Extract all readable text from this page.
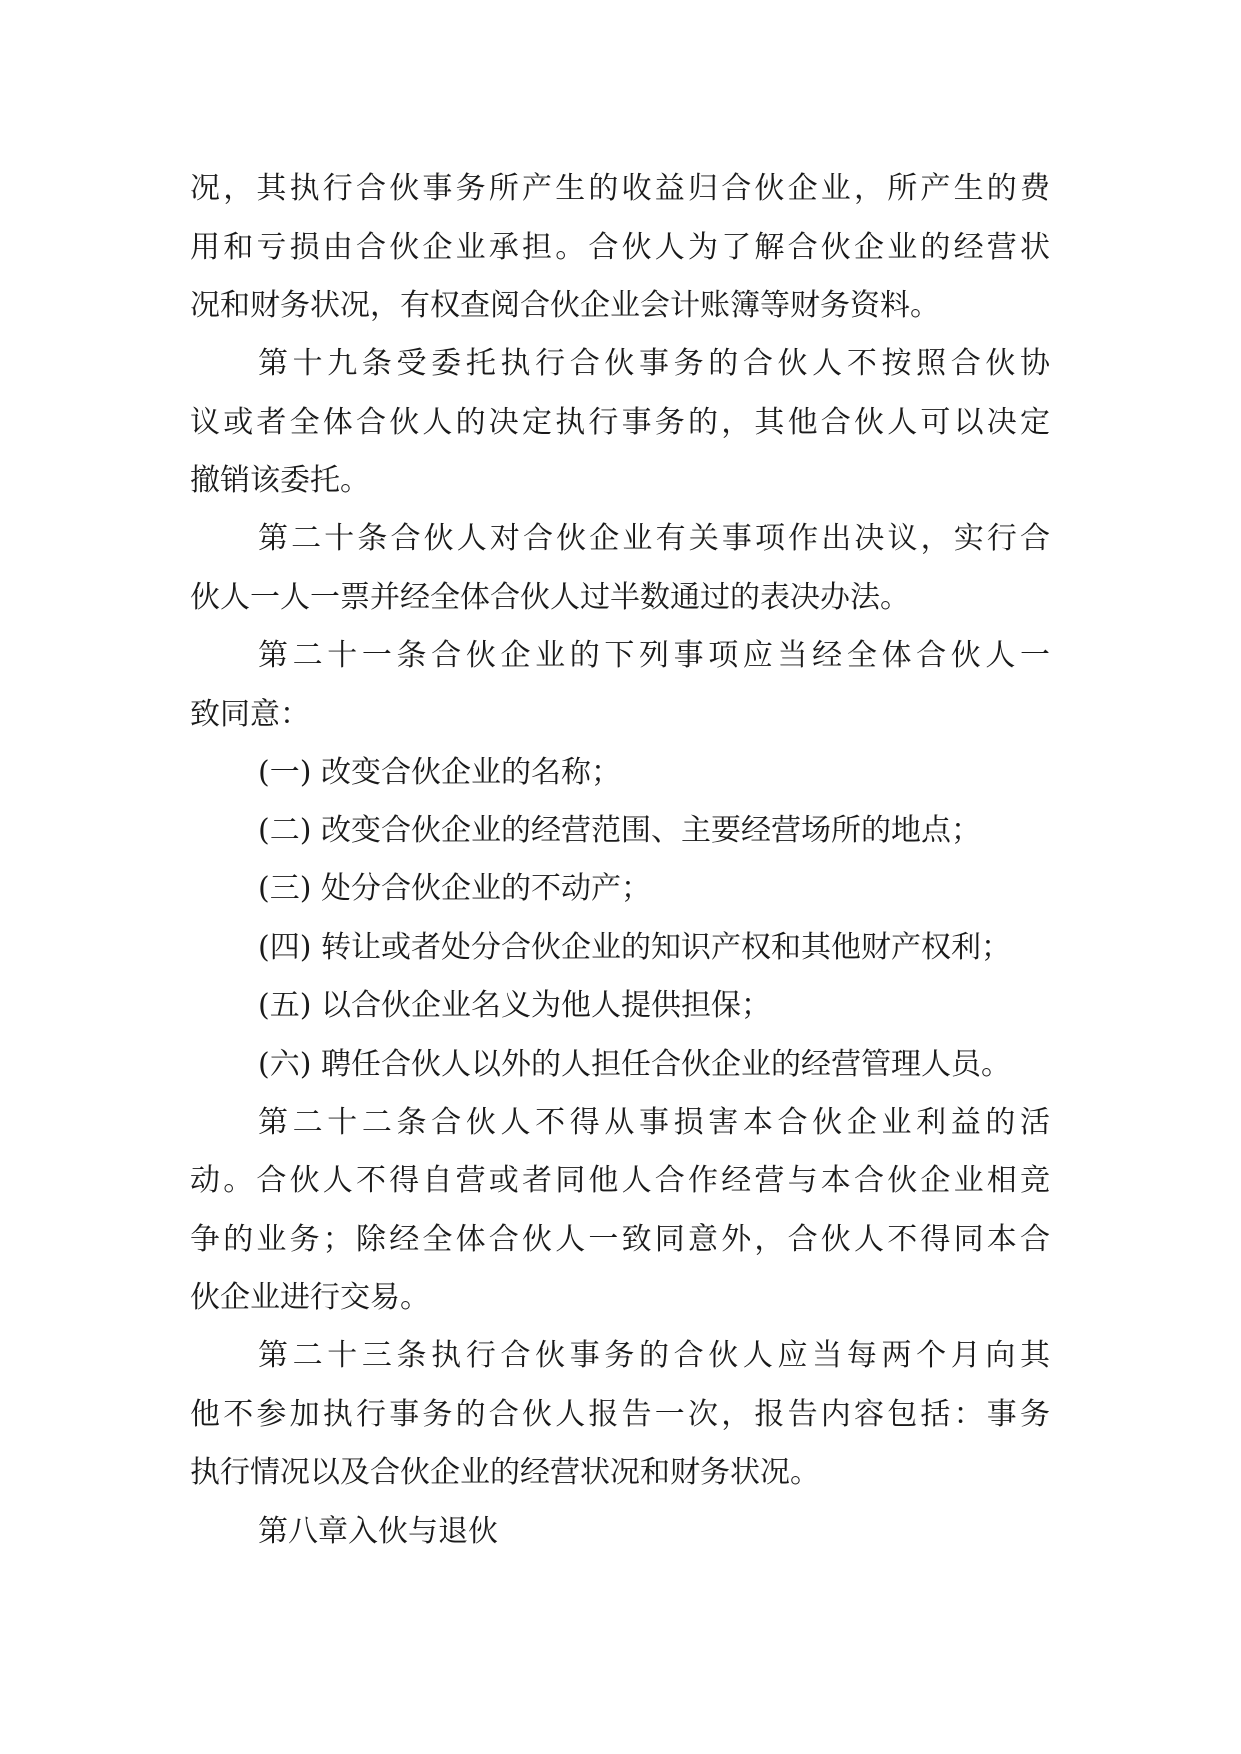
况，其执行合伙事务所产生的收益归合伙企业，所产生的费
用和亏损由合伙企业承担。合伙人为了解合伙企业的经营状
况和财务状况，有权查阅合伙企业会计账簿等财务资料。
第十九条受委托执行合伙事务的合伙人不按照合伙协
议或者全体合伙人的决定执行事务的，其他合伙人可以决定
撤销该委托。
第二十条合伙人对合伙企业有关事项作出决议，实行合
伙人一人一票并经全体合伙人过半数通过的表决办法。
第二十一条合伙企业的下列事项应当经全体合伙人一
致同意：
(一) 改变合伙企业的名称；
(二) 改变合伙企业的经营范围、主要经营场所的地点；
(三) 处分合伙企业的不动产；
(四) 转让或者处分合伙企业的知识产权和其他财产权利；
(五) 以合伙企业名义为他人提供担保；
(六) 聘任合伙人以外的人担任合伙企业的经营管理人员。
第二十二条合伙人不得从事损害本合伙企业利益的活
动。合伙人不得自营或者同他人合作经营与本合伙企业相竞
争的业务；除经全体合伙人一致同意外，合伙人不得同本合
伙企业进行交易。
第二十三条执行合伙事务的合伙人应当每两个月向其
他不参加执行事务的合伙人报告一次，报告内容包括：事务
执行情况以及合伙企业的经营状况和财务状况。
第八章入伙与退伙
